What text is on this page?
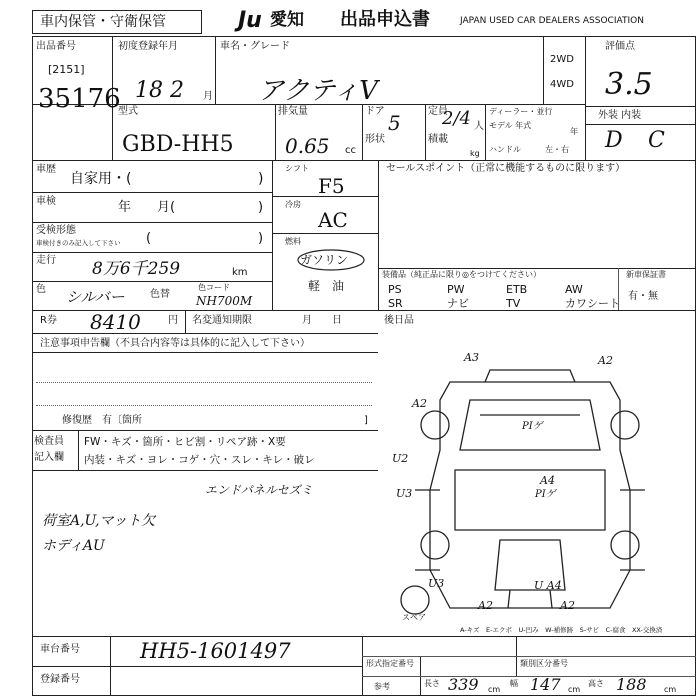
車内保管・守衛保管	Ju 愛知 出品申込書	JAPAN USED CAR DEALERS ASSOCIATION
出品番号
[2151]
35176
初度登録年月
18 2 月
車名・グレード
アクティV
2WD
4WD
評価点
3.5
外装 内装
D C
型式
GBD-HH5
排気量
0.65 cc
ドア 5
形状
定員
2/4 人
積載
kg
ディーラー・並行
モデル 年式
年
ハンドル	左・右
車歴
自家用・(	)
車検	年　　月(	)
受検形態
車検付きのみ記入して下さい (	)
走行 8万6千259	km
色 シルバー	色替
色コード
NH700M
シフト
F5
冷房
AC
燃料
ガソリン
軽　油
セールスポイント（正常に機能するものに限ります）
装備品（純正品に限り◎をつけてください）
PS	PW	ETB	AW
SR	ナビ	TV	カワシート
新車保証書
有・無
R券 8410	円 名変通知期限	月　　日	後日品
注意事項申告欄（不具合内容等は具体的に記入して下さい）
修復歴　有〔箇所	]
検査員
記入欄
FW・キズ・箇所・ヒビ割・リペア跡・X要
内装・キズ・ヨレ・コゲ・穴・スレ・キレ・破レ
エンドパネルセズミ
荷室A,U,マット欠
ホディAU
A3	A2
A2
U2
U3
A4
PIゲ
PIゲ
U3	U A4
A2	A2
スペア
A-キズ　E-エクボ　U-凹み　W-補修跡　S-サビ　C-腐食　XX-交換済
車台番号	HH5-1601497
登録番号
形式指定番号	類別区分番号
参考	長さ 339 cm
幅 147 cm
高さ 188 cm
